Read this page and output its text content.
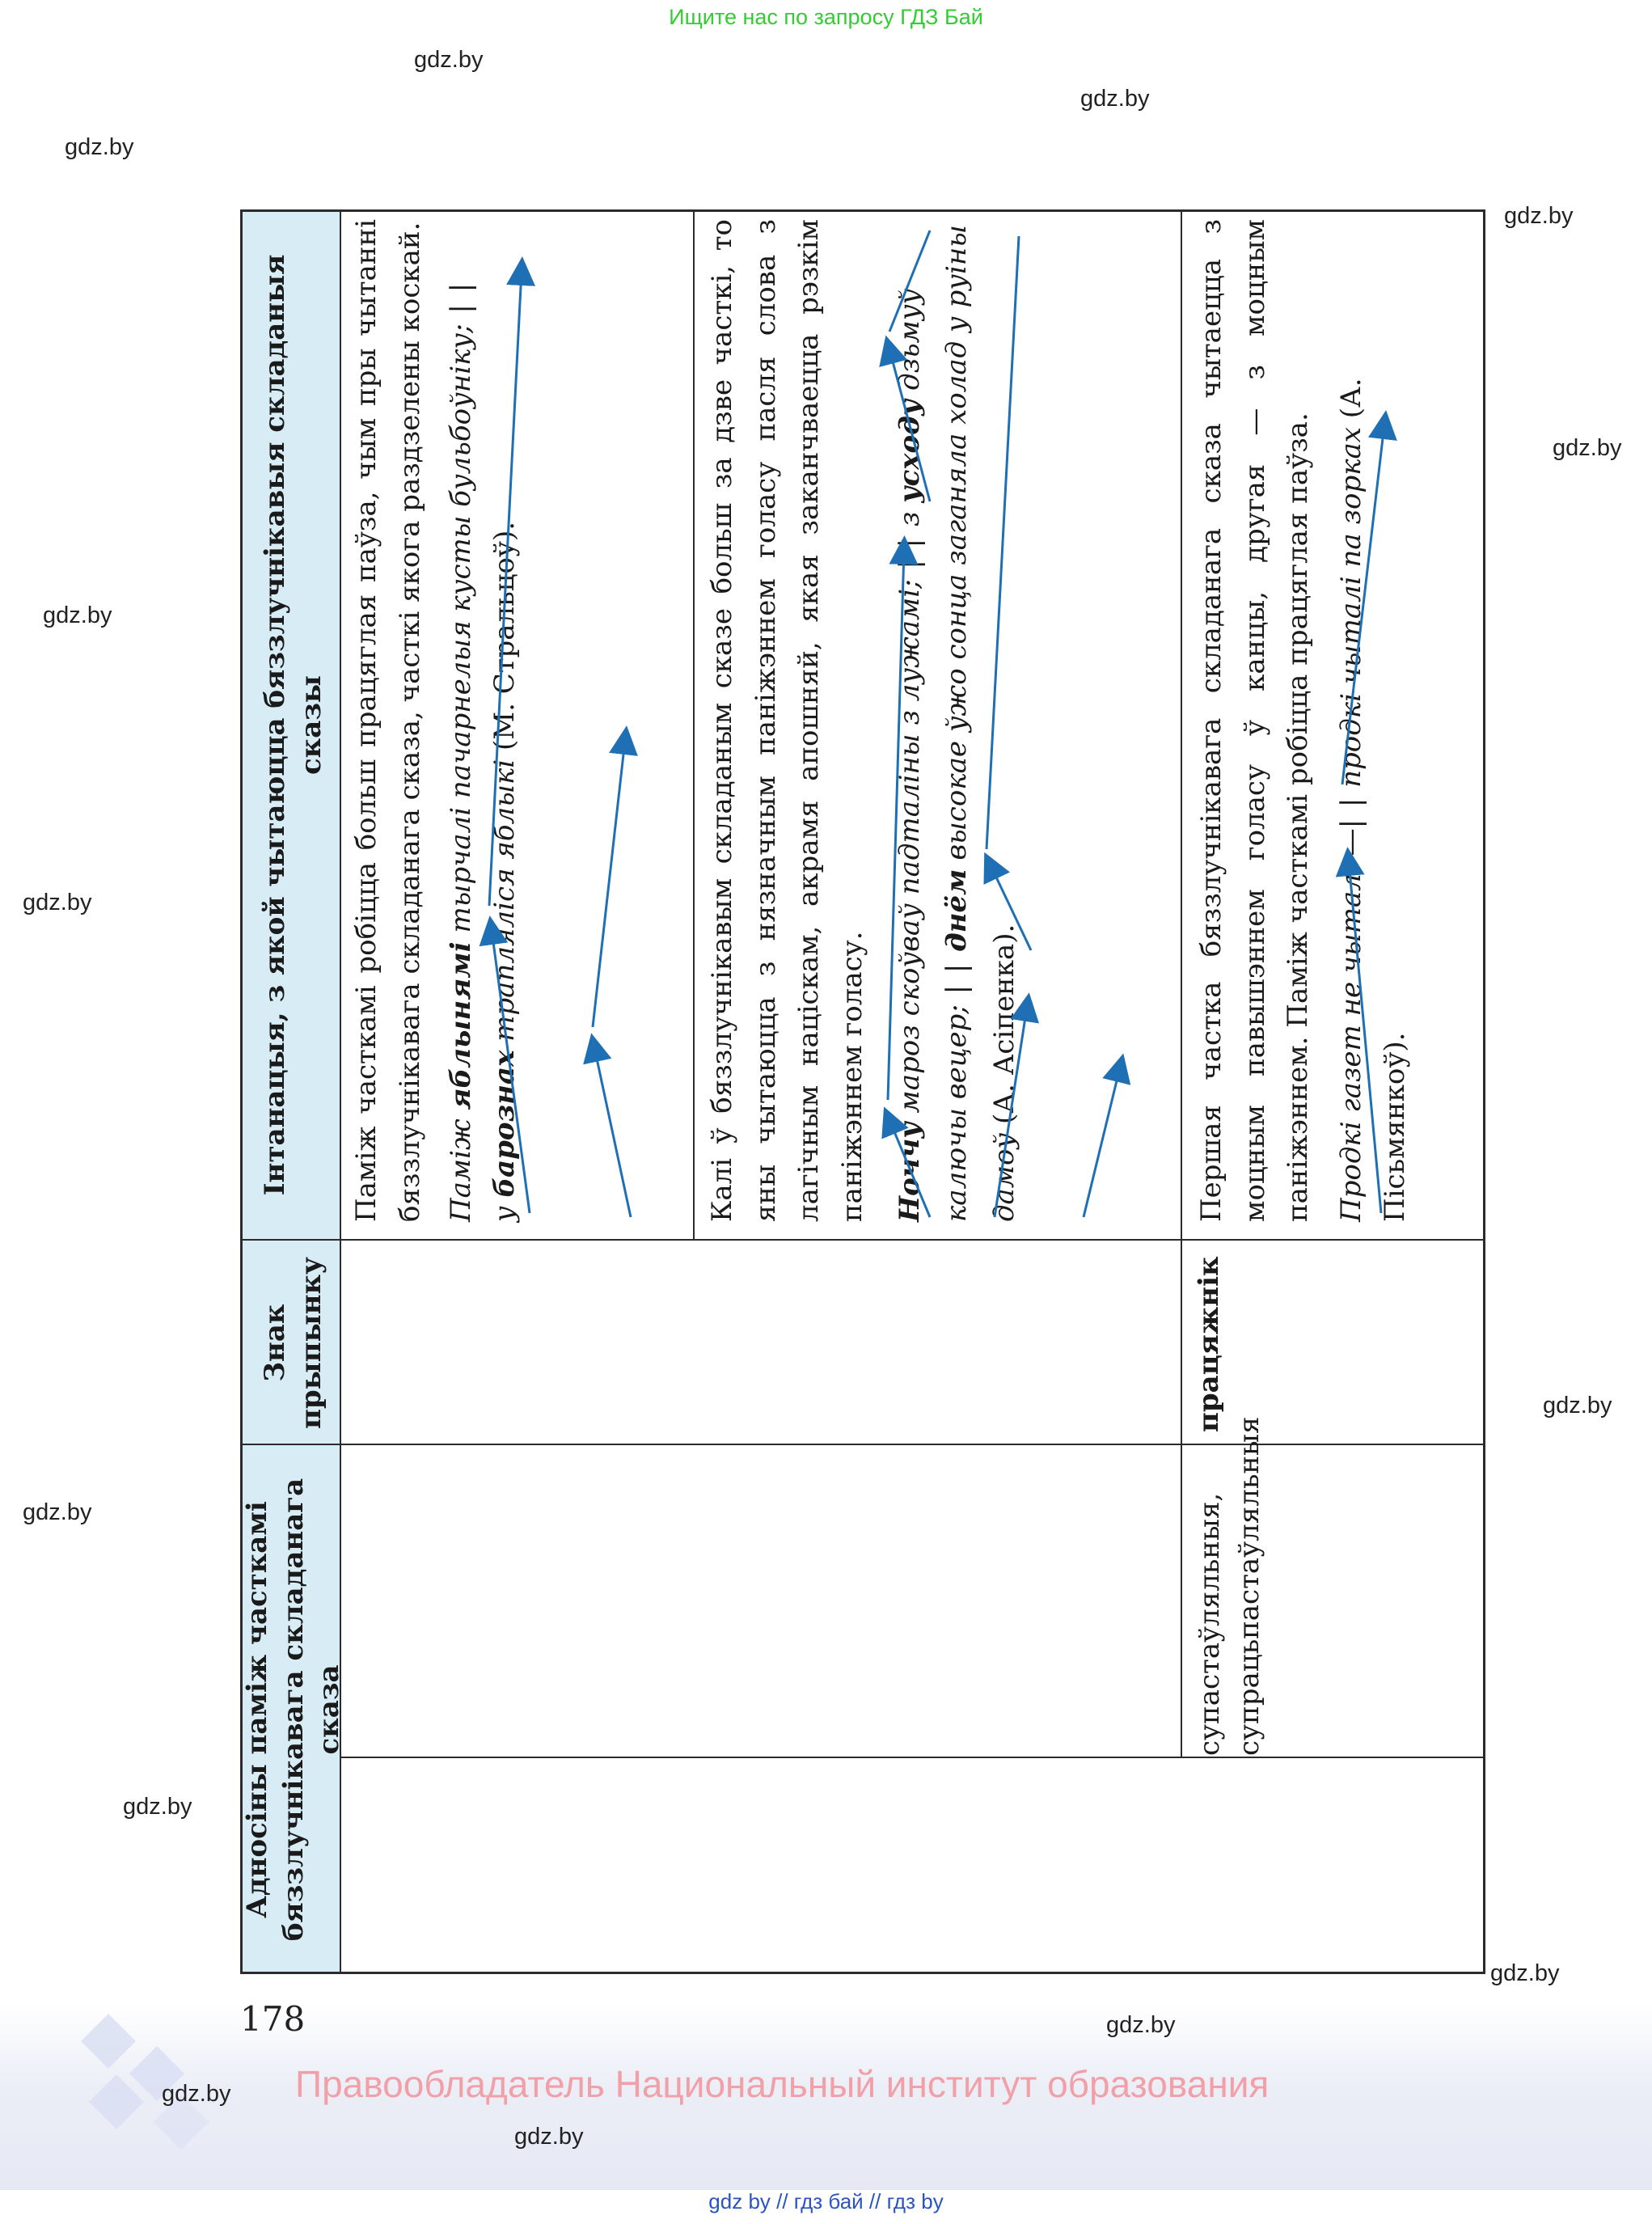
Ищите нас по запросу ГДЗ Бай
gdz.by
gdz.by
gdz.by
gdz.by
gdz.by
gdz.by
gdz.by
gdz.by
gdz.by
gdz.by
gdz.by
gdz.by
gdz.by
gdz.by
Адносіны паміж часткамі бяззлучнікавага складанага сказа
Знак прыпынку
Інтанацыя, з якой чытаюцца бяззлучнікавыя складаныя сказы Паміж часткамі робіцца больш працяглая паўза, чым пры чытанні бяззлучнікавага складанага сказа, часткі якога раздзелены коскай. Паміж яблынямі тырчалі пачарнелыя кусты бульбоўніку; | |
у барознах трапляліся яблыкі (М. Стральцоў).	Калі ў бяззлучнікавым складаным сказе больш за дзве часткі, то яны чытаюцца з нязначным паніжэннем голасу пасля слова з лагічным націскам, акрамя апошняй, якая заканчваецца рэзкім паніжэннем голасу. Ноччу мароз скоўваў падталіны з лужамі; | | з усходу дзьмуў калючы вецер; | | днём высокае ўжо сонца заганяла холад у руіны дамоў (А. Асіпенка).
супастаўляльныя, супрацьпастаўляльныя
працяжнік
Першая частка бяззлучнікавага складанага сказа чытаецца з моцным павышэннем голасу ў канцы, другая — з моцным паніжэннем. Паміж часткамі робіцца працяглая паўза. Продкі газет не чыталі —| | продкі чыталі па зорках (А. Пісьмянкоў).
178
Правообладатель Национальный институт образования
gdz by // гдз бай // гдз by
